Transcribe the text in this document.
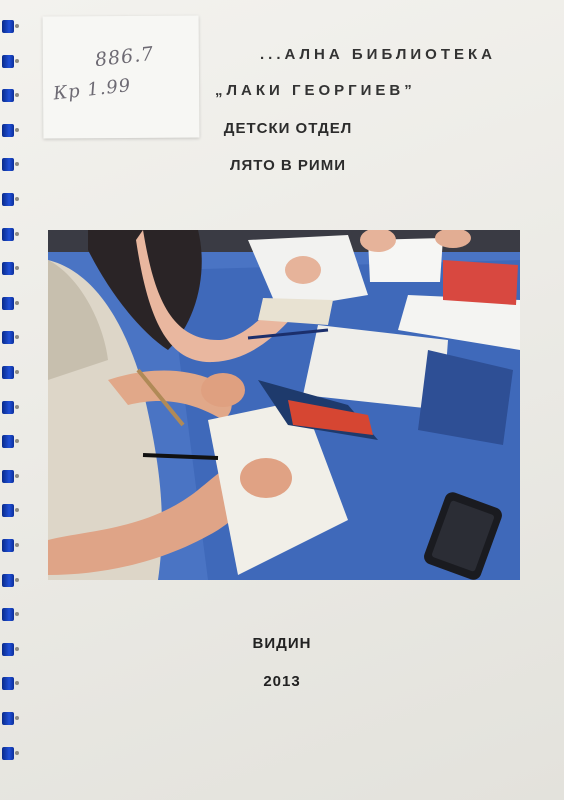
...АЛНА БИБЛИОТЕКА
„ЛАКИ ГЕОРГИЕВ”
886.7
Кр 1.99
ДЕТСКИ ОТДЕЛ
ЛЯТО В РИМИ
ВИДИН
2013
